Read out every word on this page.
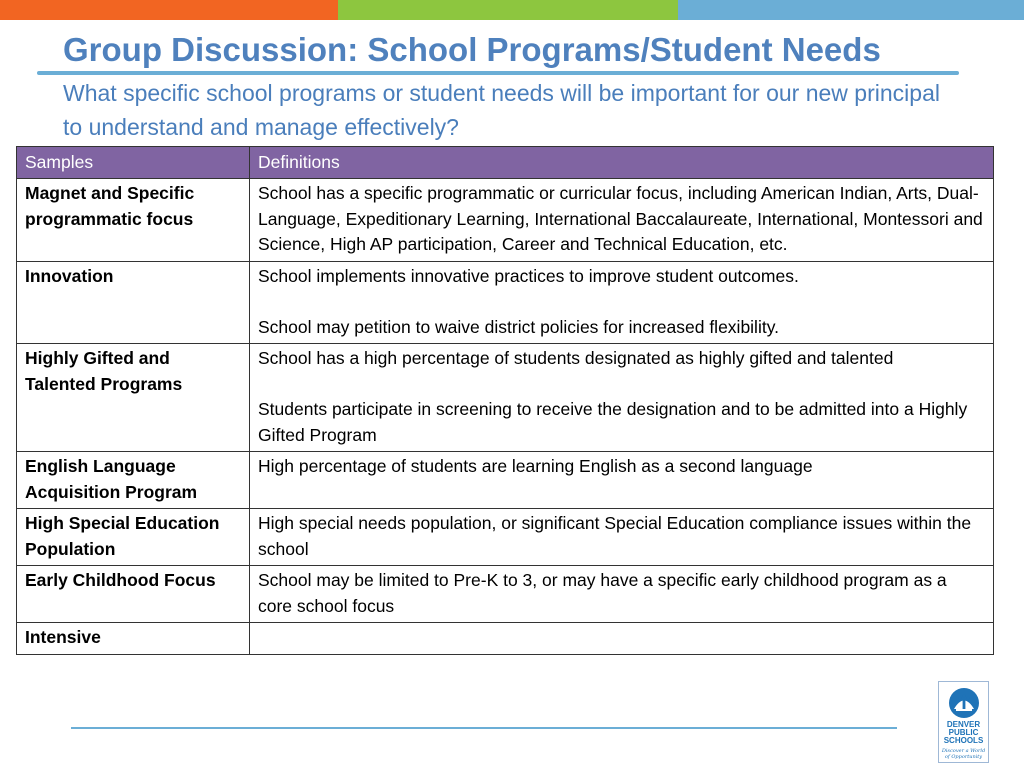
Group Discussion: School Programs/Student Needs
What specific school programs or student needs will be important for our new principal to understand and manage effectively?
Samples	Definitions
Magnet and Specific programmatic focus	School has a specific programmatic or curricular focus, including American Indian, Arts, Dual-Language, Expeditionary Learning, International Baccalaureate, International, Montessori and Science, High AP participation, Career and Technical Education, etc.

Innovation	School implements innovative practices to improve student outcomes.
School may petition to waive district policies for increased flexibility.

Highly Gifted and Talented Programs	School has a high percentage of students designated as highly gifted and talented
Students participate in screening to receive the designation and to be admitted into a Highly Gifted Program

English Language Acquisition Program	High percentage of students are learning English as a second language

High Special Education Population	High special needs population, or significant Special Education compliance issues within the school

Early Childhood Focus	School may be limited to Pre-K to 3, or may have a specific early childhood program as a core school focus

Intensive	
DENVER
PUBLIC
SCHOOLS
Discover a World
of Opportunity
